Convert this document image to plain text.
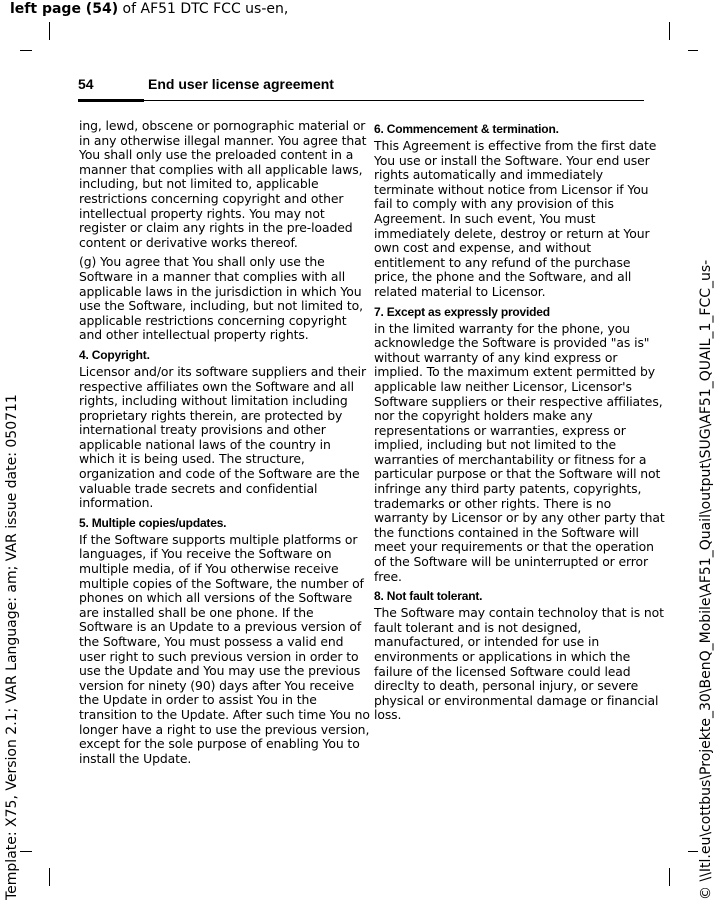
left page (54) of AF51 DTC FCC us-en,
Template: X75, Version 2.1; VAR Language: am; VAR issue date: 050711	© \\Itl.eu\cottbus\Projekte_30\BenQ_Mobile\AF51_Quail\output\SUG\AF51_QUAIL_1_FCC_us-
54	End user license agreement

ing, lewd, obscene or pornographic material or in any otherwise illegal manner. You agree that You shall only use the preloaded content in a manner that complies with all applicable laws, including, but not limited to, applicable restrictions concerning copyright and other intellectual property rights. You may not register or claim any rights in the pre-loaded content or derivative works thereof.

(g) You agree that You shall only use the Software in a manner that complies with all applicable laws in the jurisdiction in which You use the Software, including, but not limited to, applicable restrictions concerning copyright and other intellectual property rights.

4. Copyright.

Licensor and/or its software suppliers and their respective affiliates own the Software and all rights, including without limitation including proprietary rights therein, are protected by international treaty provisions and other applicable national laws of the country in which it is being used. The structure, organization and code of the Software are the valuable trade secrets and confidential information.

5. Multiple copies/updates.

If the Software supports multiple platforms or languages, if You receive the Software on multiple media, of if You otherwise receive multiple copies of the Software, the number of phones on which all versions of the Software are installed shall be one phone. If the Software is an Update to a previous version of the Software, You must possess a valid end user right to such previous version in order to use the Update and You may use the previous version for ninety (90) days after You receive the Update in order to assist You in the transition to the Update. After such time You no longer have a right to use the previous version, except for the sole purpose of enabling You to install the Update.

6. Commencement & termination.

This Agreement is effective from the first date You use or install the Software. Your end user rights automatically and immediately terminate without notice from Licensor if You fail to comply with any provision of this Agreement. In such event, You must immediately delete, destroy or return at Your own cost and expense, and without entitlement to any refund of the purchase price, the phone and the Software, and all related material to Licensor.

7. Except as expressly provided

in the limited warranty for the phone, you acknowledge the Software is provided "as is" without warranty of any kind express or implied. To the maximum extent permitted by applicable law neither Licensor, Licensor's Software suppliers or their respective affiliates, nor the copyright holders make any representations or warranties, express or implied, including but not limited to the warranties of merchantability or fitness for a particular purpose or that the Software will not infringe any third party patents, copyrights, trademarks or other rights. There is no warranty by Licensor or by any other party that the functions contained in the Software will meet your requirements or that the operation of the Software will be uninterrupted or error free.

8. Not fault tolerant.

The Software may contain technoloy that is not fault tolerant and is not designed, manufactured, or intended for use in environments or applications in which the failure of the licensed Software could lead direclty to death, personal injury, or severe physical or environmental damage or financial loss.
